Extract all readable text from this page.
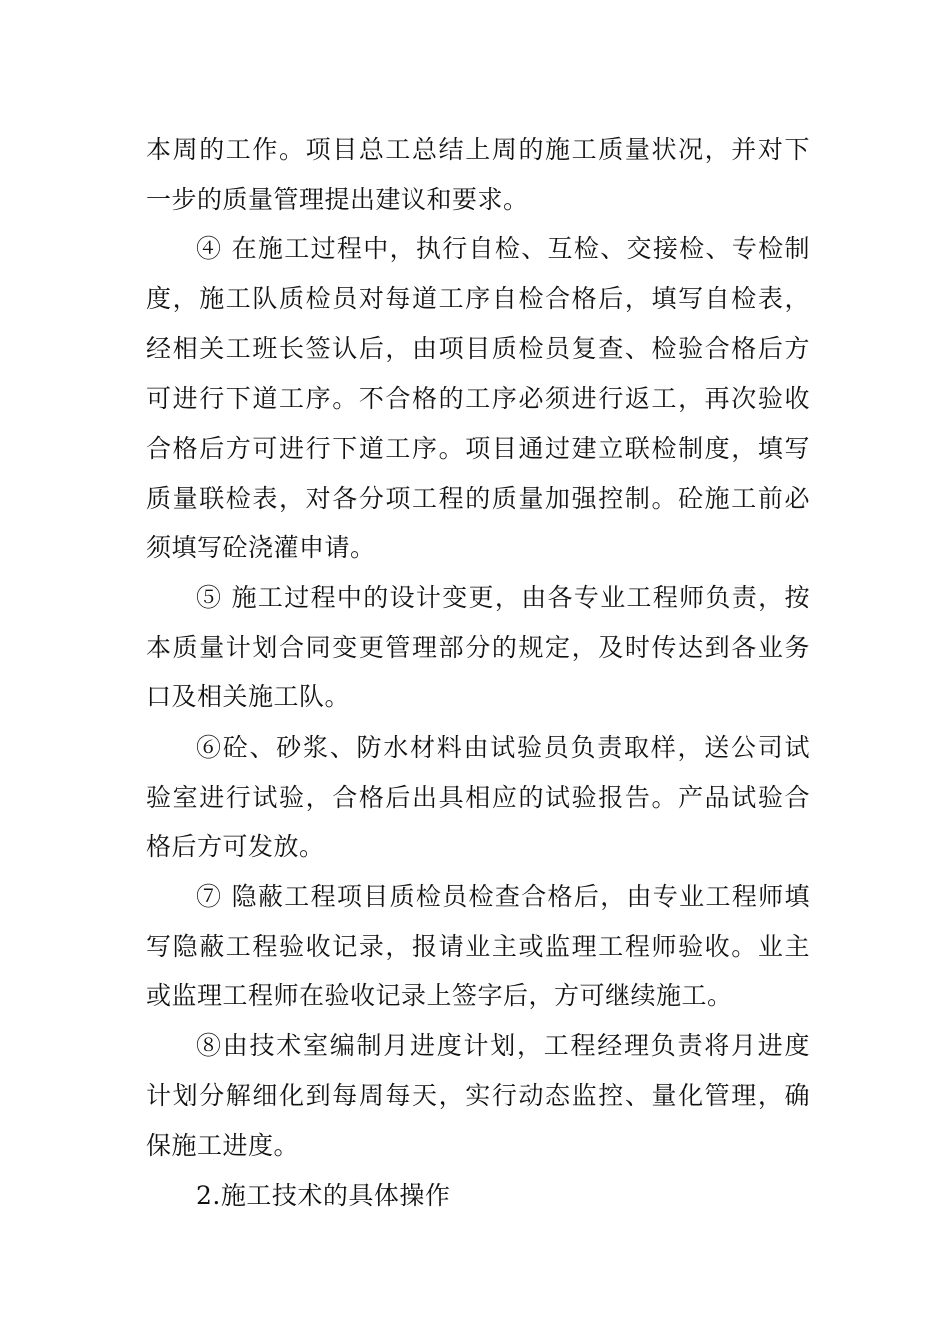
本周的工作。项目总工总结上周的施工质量状况，并对下
一步的质量管理提出建议和要求。
④ 在施工过程中，执行自检、互检、交接检、专检制
度，施工队质检员对每道工序自检合格后，填写自检表，
经相关工班长签认后，由项目质检员复查、检验合格后方
可进行下道工序。不合格的工序必须进行返工，再次验收
合格后方可进行下道工序。项目通过建立联检制度，填写
质量联检表，对各分项工程的质量加强控制。砼施工前必
须填写砼浇灌申请。
⑤ 施工过程中的设计变更，由各专业工程师负责，按
本质量计划合同变更管理部分的规定，及时传达到各业务
口及相关施工队。
⑥砼、砂浆、防水材料由试验员负责取样，送公司试
验室进行试验，合格后出具相应的试验报告。产品试验合
格后方可发放。
⑦ 隐蔽工程项目质检员检查合格后，由专业工程师填
写隐蔽工程验收记录，报请业主或监理工程师验收。业主
或监理工程师在验收记录上签字后，方可继续施工。
⑧由技术室编制月进度计划，工程经理负责将月进度
计划分解细化到每周每天，实行动态监控、量化管理，确
保施工进度。
2.施工技术的具体操作
